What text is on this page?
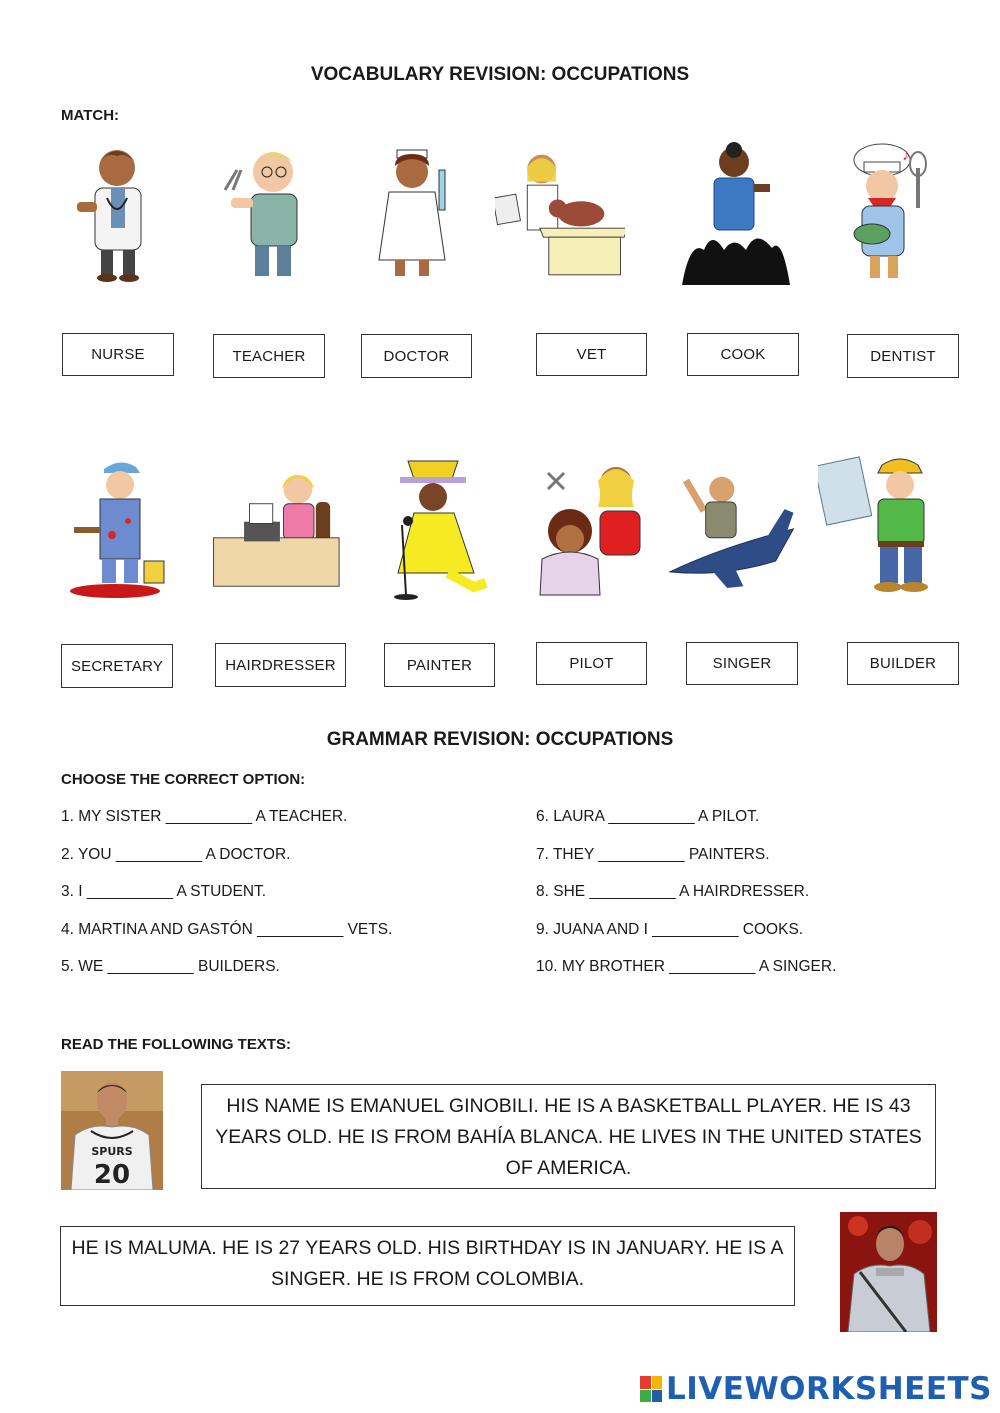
VOCABULARY REVISION: OCCUPATIONS
MATCH:
♪
NURSE	TEACHER	DOCTOR	VET	COOK	DENTIST
SECRETARY	HAIRDRESSER	PAINTER	PILOT	SINGER	BUILDER
GRAMMAR REVISION: OCCUPATIONS
CHOOSE THE CORRECT OPTION:
1. MY SISTER __________ A TEACHER.
2. YOU __________ A DOCTOR.
3. I __________ A STUDENT.
4. MARTINA AND GASTÓN __________ VETS.
5. WE __________ BUILDERS.
6. LAURA __________ A PILOT.
7. THEY __________ PAINTERS.
8. SHE __________ A HAIRDRESSER.
9. JUANA AND I __________ COOKS.
10. MY BROTHER __________ A SINGER.
READ THE FOLLOWING TEXTS:
SPURS
20
HIS NAME IS EMANUEL GINOBILI. HE IS A BASKETBALL PLAYER. HE IS 43 YEARS OLD. HE IS FROM BAHÍA BLANCA. HE LIVES IN THE UNITED STATES OF AMERICA.
HE IS MALUMA. HE IS 27 YEARS OLD. HIS BIRTHDAY IS IN JANUARY. HE IS A SINGER. HE IS FROM COLOMBIA.
LIVEWORKSHEETS
